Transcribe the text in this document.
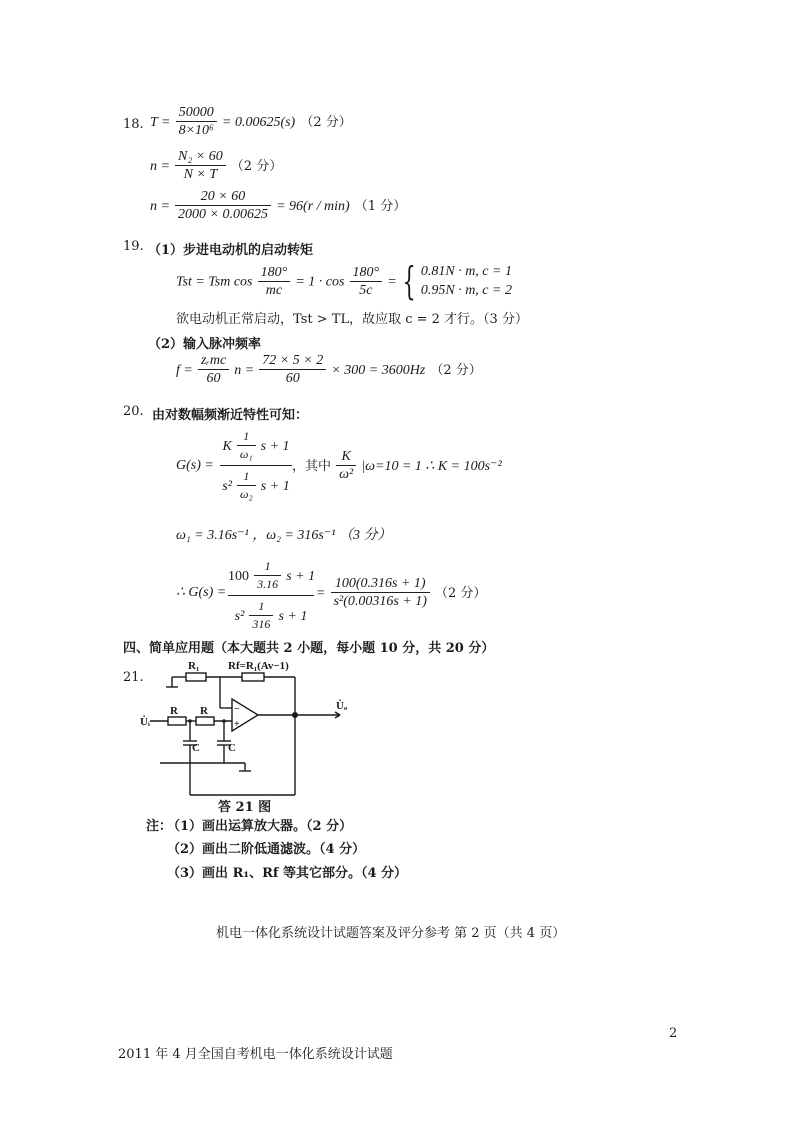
18. $T = \frac{50000}{\text{8×10⁶}} = 0.00625(s)$ （2 分）
$n = \frac{\text{N₂ × 60}}{N \times T} (2$ 分）
$n = \frac{20 \times 60}{2000 \times 0.00625} = 96(r / \min)$ （1 分）
19. （1）步进电动机的启动转矩
Tst = Tsm $\cos \frac{180^\circ}{mc} = 1 \cdot \cos \frac{180^\circ}{5c}$ = { 0.81N · m, c = 1
0.95N · m, c = 2
欲电动机正常启动，Tst > TL，故应取 c = 2 才行。（3 分）
（2）输入脉冲频率
$f = \frac{\text{zᵣmc}}{60}$ $n = \frac{72 \times 5 \times 2}{60} \times 300 = 3600Hz$ （2 分）
20. 由对数幅频渐近特性可知：
G(s) =
K $\frac{1}{\text{ω₁}}$ s + 1
$s^2 \frac{1}{\text{ω₂}}$ s + 1
，其中 $\frac{K}{\text{ω²}} |\omega=10 = 1$ ∴ K = 100s⁻²
ω₁ = 3.16s⁻¹ ，ω₂ = 316s⁻¹ （3 分）
∴ G(s) =
$100 \frac{1}{3.16}$ s + 1
$s^2 \frac{1}{316}$ s + 1
= $\frac{100(0.316s + 1)}{\text{s²(0.00316s + 1)}} (2$ 分）
四、简单应用题（本大题共 2 小题，每小题 10 分，共 20 分）
21.
R₁	Rf=R₁(Av−1)
R R
C	C
U̇ᵢ
U̇ₒ
−
+
答 21 图
注：
（1）画出运算放大器。（2 分）
（2）画出二阶低通滤波。（4 分）
（3）画出 R₁、Rf 等其它部分。（4 分）
机电一体化系统设计试题答案及评分参考 第 2 页（共 4 页）
2
2011 年 4 月全国自考机电一体化系统设计试题
